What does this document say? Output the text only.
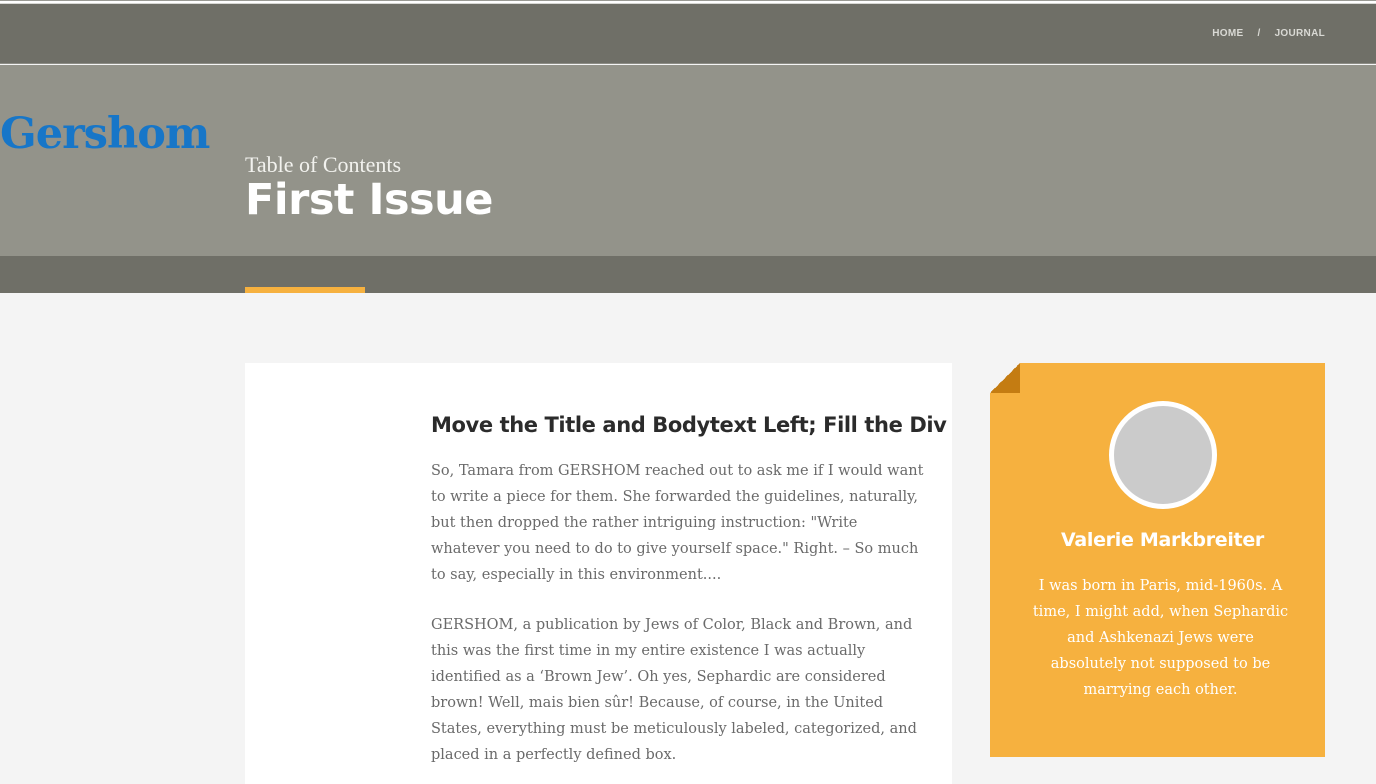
HOME / JOURNAL
Gershom
Table of Contents
First Issue
Move the Title and Bodytext Left; Fill the Div

So, Tamara from GERSHOM reached out to ask me if I would want to write a piece for them. She forwarded the guidelines, naturally, but then dropped the rather intriguing instruction: "Write whatever you need to do to give yourself space." Right. – So much to say, especially in this environment....

GERSHOM, a publication by Jews of Color, Black and Brown, and this was the first time in my entire existence I was actually identified as a ‘Brown Jew’. Oh yes, Sephardic are considered brown! Well, mais bien sûr! Because, of course, in the United States, everything must be meticulously labeled, categorized, and placed in a perfectly defined box.

Valerie Markbreiter

I was born in Paris, mid-1960s. A time, I might add, when Sephardic and Ashkenazi Jews were absolutely not supposed to be marrying each other.
